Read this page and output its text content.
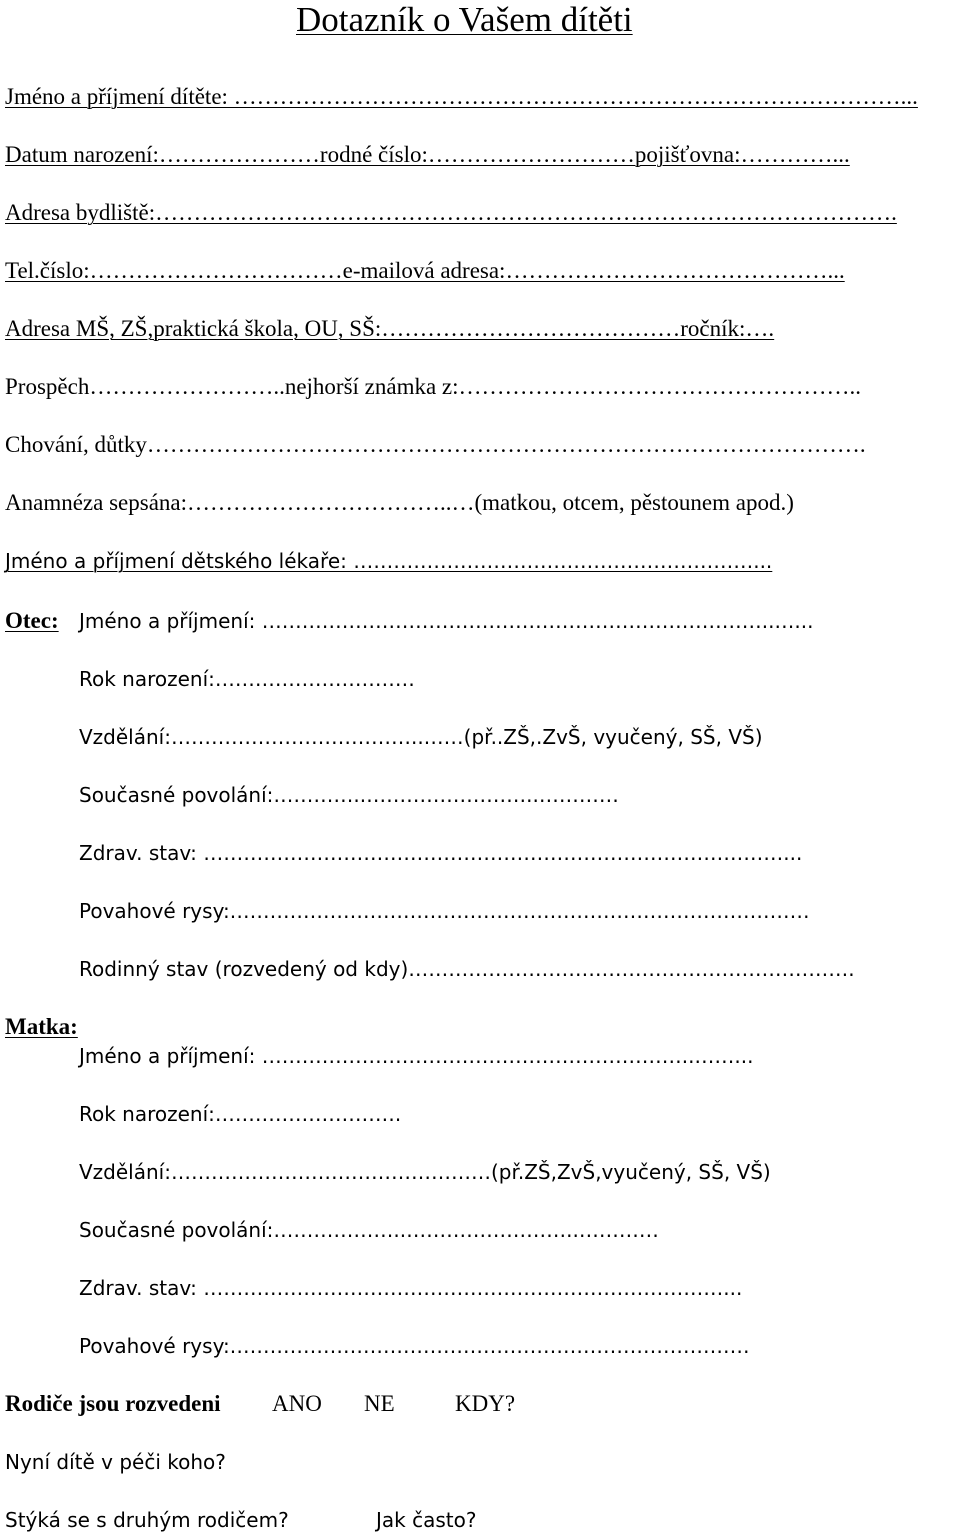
Dotazník o Vašem dítěti
Jméno a příjmení dítěte: ……………………………………………………………………………...
Datum narození:…………………rodné číslo:………………………pojišťovna:…………...
Adresa bydliště:…………………………………………………………………………………….
Tel.číslo:……………………………e-mailová adresa:……………………………………...
Adresa MŠ, ZŠ,praktická škola, OU, SŠ:…………………………………ročník:….
Prospěch……………………..nejhorší známka z:……………………………………………..
Chování, důtky………………………………………………………………………………….
Anamnéza sepsána:……………………………..…(matkou, otcem, pěstounem apod.)
Jméno a příjmení dětského lékaře: ……………………………………………………...
Otec: Jméno a příjmení: …………………………………………………………………..…...
Rok narození:…………………………
Vzdělání:………………………………..……(př..ZŠ,.ZvŠ, vyučený, SŠ, VŠ)
Současné povolání:…………..……………………..…………
Zdrav. stav: ……………………………………………………………………………...
Povahové rysy:……………………………………………………………………………
Rodinný stav (rozvedený od kdy)………………………………………………………….
Matka:
Jméno a příjmení: ………………………………………………………..……...
Rok narození:……………………….
Vzdělání:…………………………………………(př.ZŠ,ZvŠ,vyučený, SŠ, VŠ)
Současné povolání:………………..……………………..…………
Zdrav. stav: ……………………………………………………………………...
Povahové rysy:……………………………………………………………………
Rodiče jsou rozvedeni ANO NE	KDY?
Nyní dítě v péči koho?
Stýká se s druhým rodičem?	Jak často?
